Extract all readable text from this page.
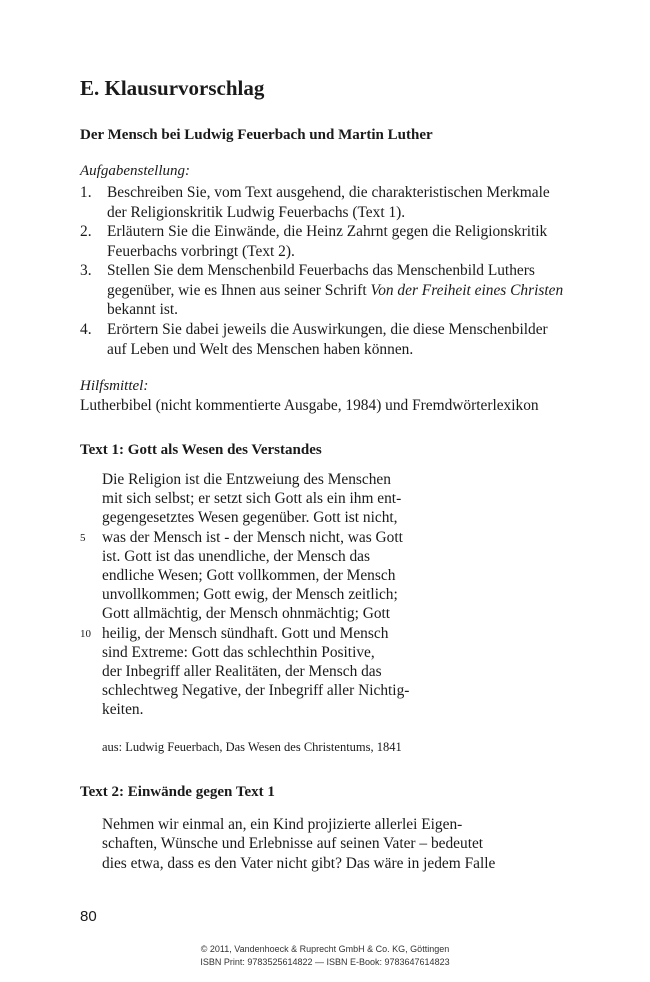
E. Klausurvorschlag
Der Mensch bei Ludwig Feuerbach und Martin Luther

Aufgabenstellung:

1. Beschreiben Sie, vom Text ausgehend, die charakteristischen Merkmale
der Religionskritik Ludwig Feuerbachs (Text 1).
2. Erläutern Sie die Einwände, die Heinz Zahrnt gegen die Religionskritik
Feuerbachs vorbringt (Text 2).
3. Stellen Sie dem Menschenbild Feuerbachs das Menschenbild Luthers
gegenüber, wie es Ihnen aus seiner Schrift Von der Freiheit eines Christen
bekannt ist.
4. Erörtern Sie dabei jeweils die Auswirkungen, die diese Menschenbilder
auf Leben und Welt des Menschen haben können.

Hilfsmittel:

Lutherbibel (nicht kommentierte Ausgabe, 1984) und Fremdwörterlexikon

Text 1: Gott als Wesen des Verstandes
Die Religion ist die Entzweiung des Menschen
mit sich selbst; er setzt sich Gott als ein ihm ent-
gegengesetztes Wesen gegenüber. Gott ist nicht,
was der Mensch ist - der Mensch nicht, was Gott
ist. Gott ist das unendliche, der Mensch das
endliche Wesen; Gott vollkommen, der Mensch
unvollkommen; Gott ewig, der Mensch zeitlich;
Gott allmächtig, der Mensch ohnmächtig; Gott
heilig, der Mensch sündhaft. Gott und Mensch
sind Extreme: Gott das schlechthin Positive,
der Inbegriff aller Realitäten, der Mensch das
schlechtweg Negative, der Inbegriff aller Nichtig-
keiten.
5
10

aus: Ludwig Feuerbach, Das Wesen des Christentums, 1841

Text 2: Einwände gegen Text 1
Nehmen wir einmal an, ein Kind projizierte allerlei Eigen-
schaften, Wünsche und Erlebnisse auf seinen Vater – bedeutet
dies etwa, dass es den Vater nicht gibt? Das wäre in jedem Falle

80

© 2011, Vandenhoeck & Ruprecht GmbH & Co. KG, Göttingen
ISBN Print: 9783525614822 — ISBN E-Book: 9783647614823
